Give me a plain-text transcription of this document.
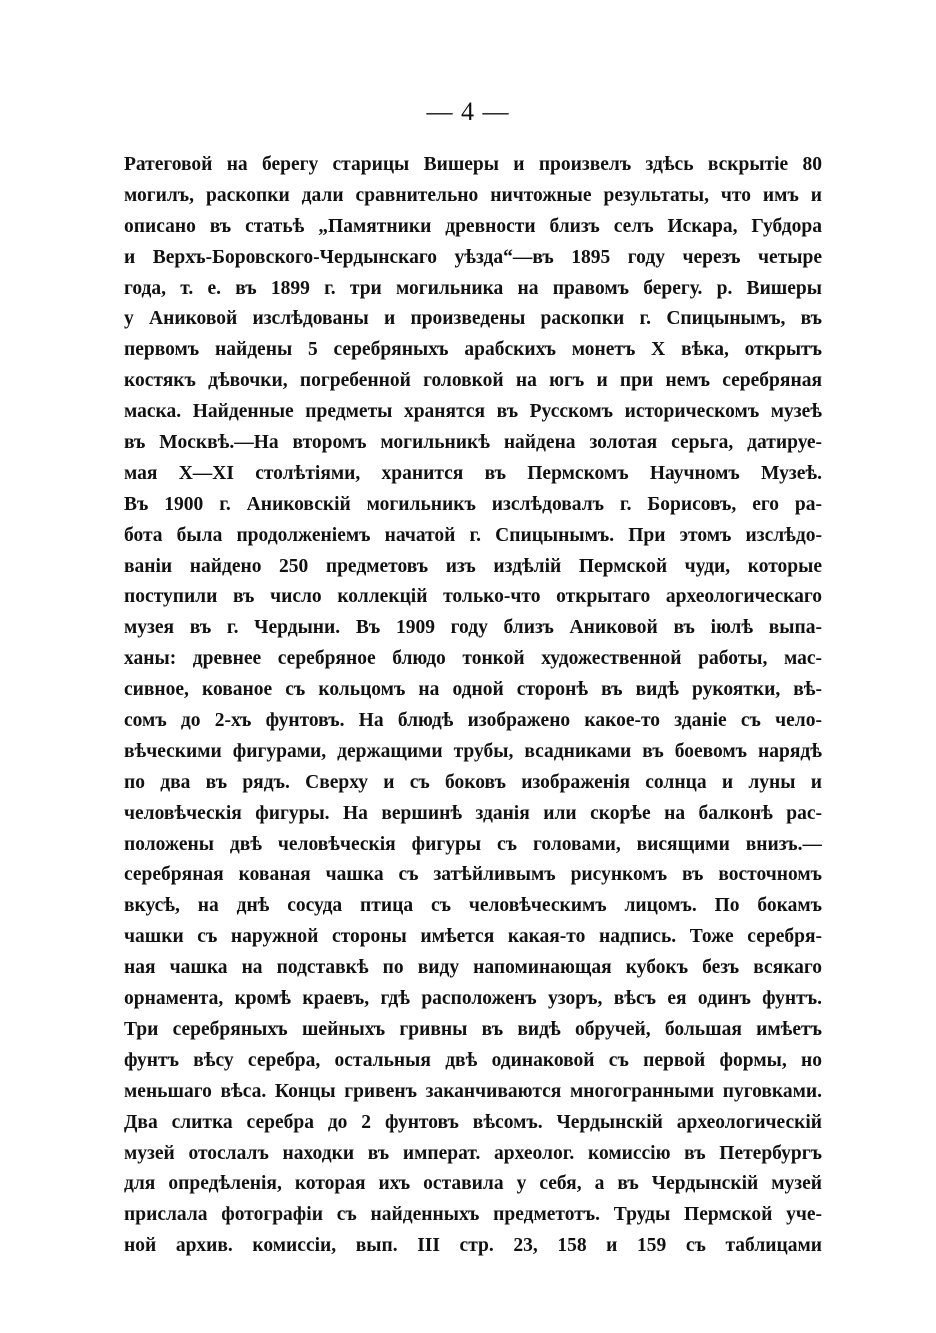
— 4 —
Ратеговой на берегу старицы Вишеры и произвелъ здѣсь вскрытіе 80
могилъ, раскопки дали сравнительно ничтожные результаты, что имъ и
описано въ статьѣ „Памятники древности близъ селъ Искара, Губдора
и Верхъ-Боровского-Чердынскаго уѣзда“—въ 1895 году черезъ четыре
года, т. е. въ 1899 г. три могильника на правомъ берегу. р. Вишеры
у Аниковой изслѣдованы и произведены раскопки г. Спицынымъ, въ
первомъ найдены 5 серебряныхъ арабскихъ монетъ X вѣка, открытъ
костякъ дѣвочки, погребенной головкой на югъ и при немъ серебряная
маска. Найденные предметы хранятся въ Русскомъ историческомъ музеѣ
въ Москвѣ.—На второмъ могильникѣ найдена золотая серьга, датируе-
мая X—XI столѣтіями, хранится въ Пермскомъ Научномъ Музеѣ.
Въ 1900 г. Аниковскій могильникъ изслѣдовалъ г. Борисовъ, его ра-
бота была продолженіемъ начатой г. Спицынымъ. При этомъ изслѣдо-
ваніи найдено 250 предметовъ изъ издѣлій Пермской чуди, которые
поступили въ число коллекцій только-что открытаго археологическаго
музея въ г. Чердыни. Въ 1909 году близъ Аниковой въ іюлѣ выпа-
ханы: древнее серебряное блюдо тонкой художественной работы, мас-
сивное, кованое съ кольцомъ на одной сторонѣ въ видѣ рукоятки, вѣ-
сомъ до 2-хъ фунтовъ. На блюдѣ изображено какое-то зданіе съ чело-
вѣческими фигурами, держащими трубы, всадниками въ боевомъ нарядѣ
по два въ рядъ. Сверху и съ боковъ изображенія солнца и луны и
человѣческія фигуры. На вершинѣ зданія или скорѣе на балконѣ рас-
положены двѣ человѣческія фигуры съ головами, висящими внизъ.—
серебряная кованая чашка съ затѣйливымъ рисункомъ въ восточномъ
вкусѣ, на днѣ сосуда птица съ человѣческимъ лицомъ. По бокамъ
чашки съ наружной стороны имѣется какая-то надпись. Тоже серебря-
ная чашка на подставкѣ по виду напоминающая кубокъ безъ всякаго
орнамента, кромѣ краевъ, гдѣ расположенъ узоръ, вѣсъ ея одинъ фунтъ.
Три серебряныхъ шейныхъ гривны въ видѣ обручей, большая имѣетъ
фунтъ вѣсу серебра, остальныя двѣ одинаковой съ первой формы, но
меньшаго вѣса. Концы гривенъ заканчиваются многогранными пуговками.
Два слитка серебра до 2 фунтовъ вѣсомъ. Чердынскій археологическій
музей отослалъ находки въ императ. археолог. комиссію въ Петербургъ
для опредѣленія, которая ихъ оставила у себя, а въ Чердынскій музей
прислала фотографіи съ найденныхъ предметотъ. Труды Пермской уче-
ной архив. комиссіи, вып. III стр. 23, 158 и 159 съ таблицами
